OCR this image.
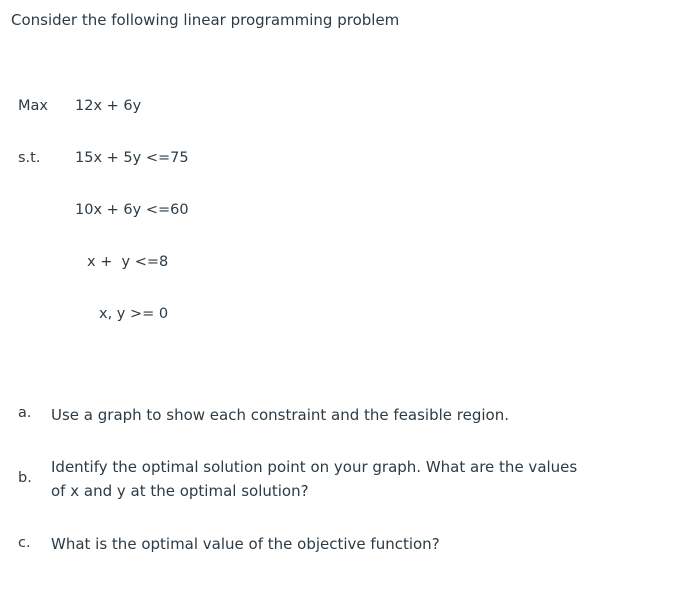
Consider the following linear programming problem
Max 12x + 6y
s.t. 15x + 5y <=75
10x + 6y <=60
x +  y <=8
x, y >= 0
a. Use a graph to show each constraint and the feasible region.
b.
Identify the optimal solution point on your graph. What are the values of x and y at the optimal solution?
c. What is the optimal value of the objective function?
